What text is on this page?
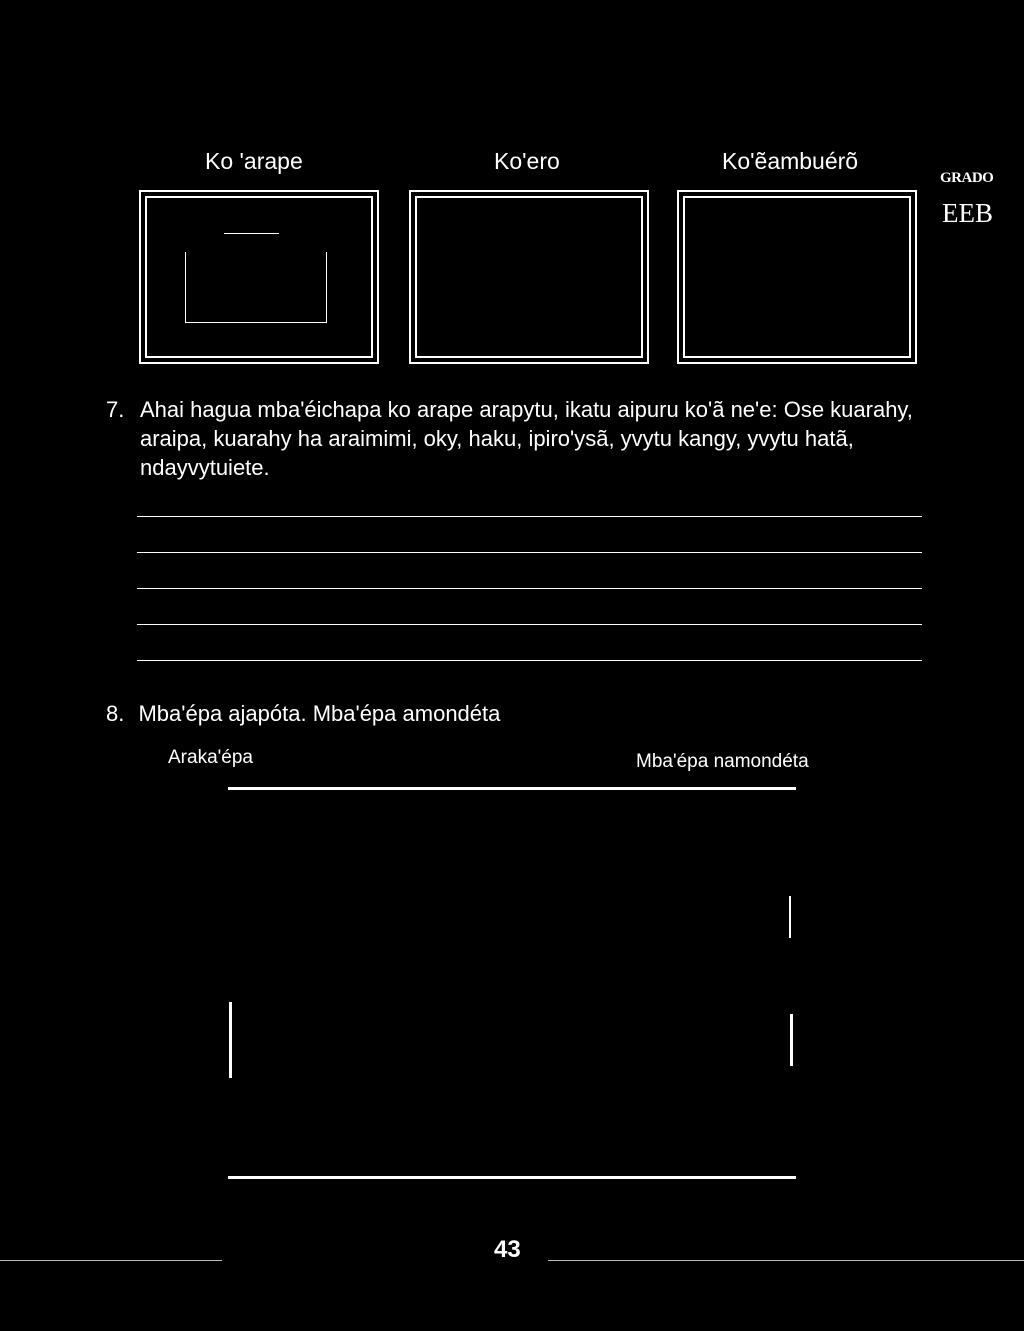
Ko 'arape	Ko'ero	Ko'ẽambuérõ
GRADO
EEB
7. Ahai hagua mba'éichapa ko arape arapytu, ikatu aipuru ko'ã ne'e: Ose kuarahy, araipa, kuarahy ha araimimi, oky, haku, ipiro'ysã, yvytu kangy, yvytu hatã, ndayvytuiete.
8. Mba'épa ajapóta. Mba'épa amondéta
Araka'épa	Mba'épa namondéta
43
